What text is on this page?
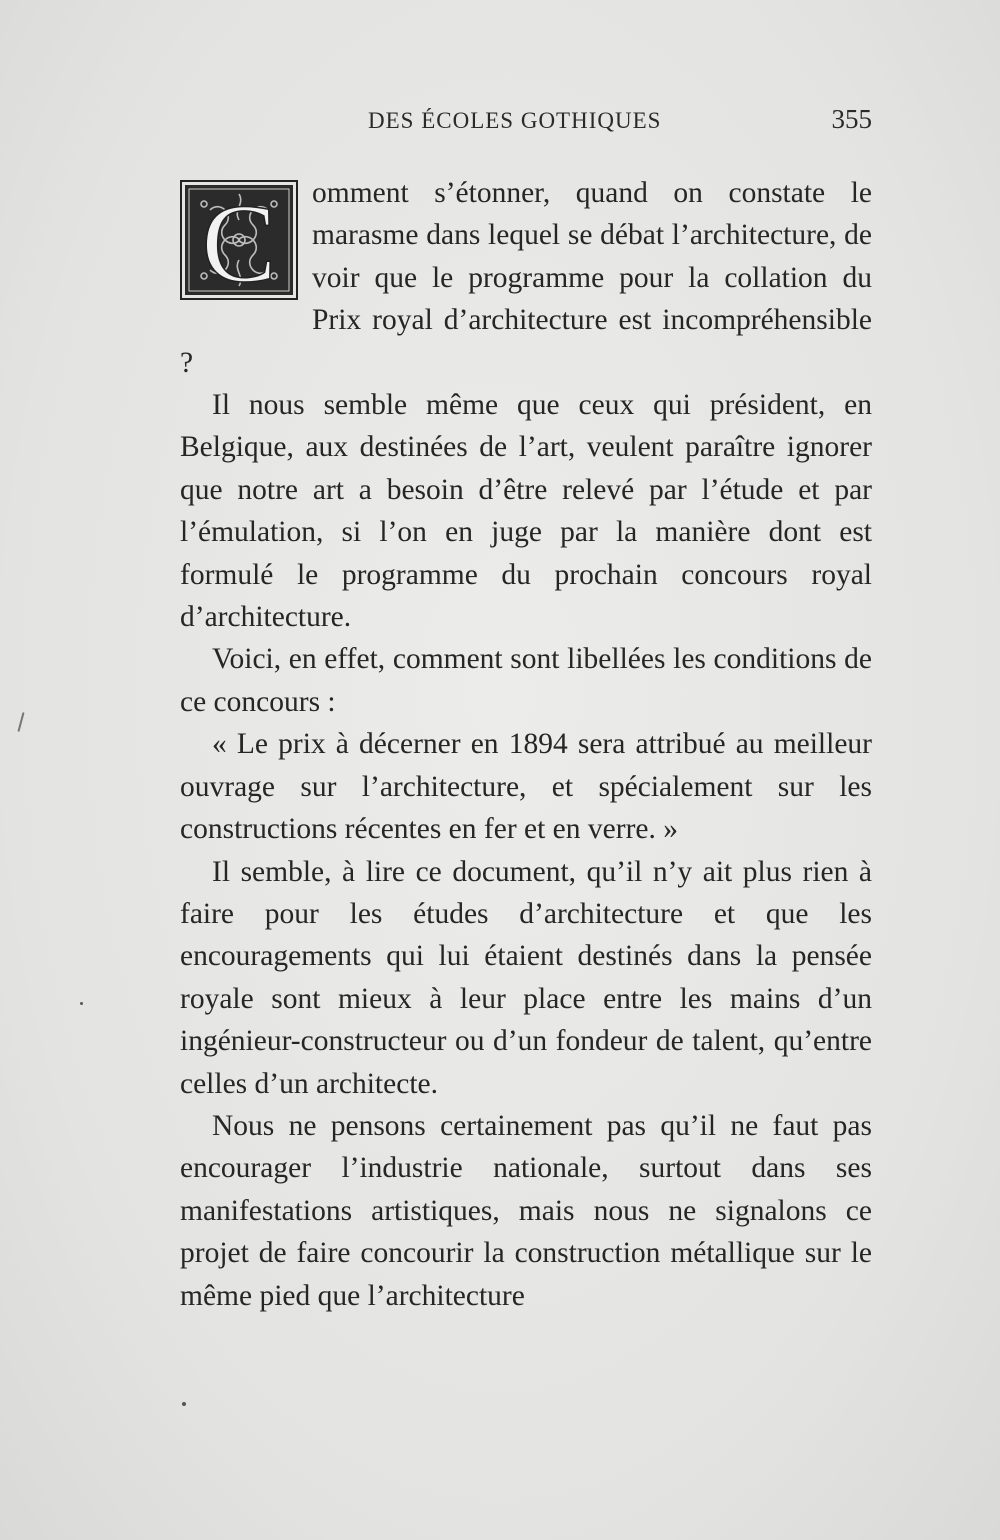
DES ÉCOLES GOTHIQUES	355

C omment s’étonner, quand on constate le marasme dans lequel se débat l’architecture, de voir que le programme pour la collation du Prix royal d’architecture est incompréhensible ?

Il nous semble même que ceux qui président, en Belgique, aux destinées de l’art, veulent paraître ignorer que notre art a besoin d’être relevé par l’étude et par l’émulation, si l’on en juge par la manière dont est formulé le programme du prochain concours royal d’architecture.

Voici, en effet, comment sont libellées les conditions de ce concours :

« Le prix à décerner en 1894 sera attribué au meilleur ouvrage sur l’architecture, et spécialement sur les constructions récentes en fer et en verre. »

Il semble, à lire ce document, qu’il n’y ait plus rien à faire pour les études d’architecture et que les encouragements qui lui étaient destinés dans la pensée royale sont mieux à leur place entre les mains d’un ingénieur-constructeur ou d’un fondeur de talent, qu’entre celles d’un architecte.

Nous ne pensons certainement pas qu’il ne faut pas encourager l’industrie nationale, surtout dans ses manifestations artistiques, mais nous ne signalons ce projet de faire concourir la construction métallique sur le même pied que l’architecture
